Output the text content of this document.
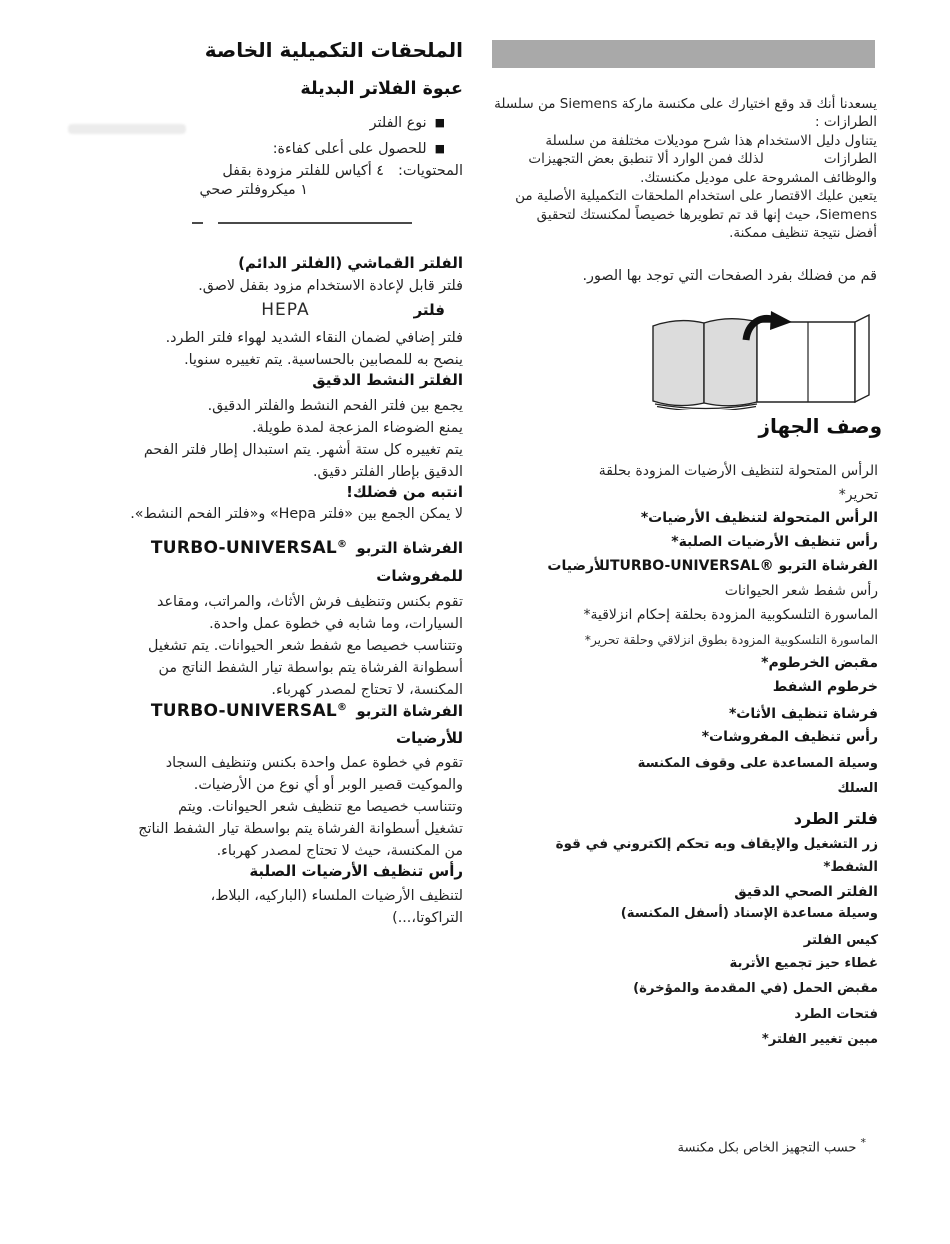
الملحقات التكميلية الخاصة
عبوة الفلاتر البديلة
■
نوع الفلتر
■
للحصول على أعلى كفاءة:
المحتويات:
٤ أكياس للفلتر مزودة بقفل
١ ميكروفلتر صحي
الفلتر القماشي (الفلتر الدائم)
فلتر قابل لإعادة الاستخدام مزود بقفل لاصق.
فلتر
HEPA
فلتر إضافي لضمان النقاء الشديد لهواء فلتر الطرد.
ينصح به للمصابين بالحساسية. يتم تغييره سنويا.
الفلتر النشط الدقيق
يجمع بين فلتر الفحم النشط والفلتر الدقيق.
يمنع الضوضاء المزعجة لمدة طويلة.
يتم تغييره كل ستة أشهر. يتم استبدال إطار فلتر الفحم
الدقيق بإطار الفلتر دقيق.
انتبه من فضلك!
لا يمكن الجمع بين «فلتر Hepa» و«فلتر الفحم النشط».
الفرشاة التربو
TURBO-UNIVERSAL®
للمفروشات
تقوم بكنس وتنظيف فرش الأثاث، والمراتب، ومقاعد
السيارات، وما شابه في خطوة عمل واحدة.
وتتناسب خصيصا مع شفط شعر الحيوانات. يتم تشغيل
أسطوانة الفرشاة يتم بواسطة تيار الشفط الناتج من
المكنسة، لا تحتاج لمصدر كهرباء.
الفرشاة التربو
TURBO-UNIVERSAL®
للأرضيات
تقوم في خطوة عمل واحدة بكنس وتنظيف السجاد
والموكيت قصير الوبر أو أي نوع من الأرضيات.
وتتناسب خصيصا مع تنظيف شعر الحيوانات. ويتم
تشغيل أسطوانة الفرشاة يتم بواسطة تيار الشفط الناتج
من المكنسة، حيث لا تحتاج لمصدر كهرباء.
رأس تنظيف الأرضيات الصلبة
لتنظيف الأرضيات الملساء (الباركيه، البلاط،
التراكوتا،...)
يسعدنا أنك قد وقع اختيارك على مكنسة ماركة Siemens من سلسلة
الطرازات :
يتناول دليل الاستخدام هذا شرح موديلات مختلفة من سلسلة
الطرازات              لذلك فمن الوارد ألا تنطبق بعض التجهيزات
والوظائف المشروحة على موديل مكنستك.
يتعين عليك الاقتصار على استخدام الملحقات التكميلية الأصلية من
Siemens، حيث إنها قد تم تطويرها خصيصاً لمكنستك لتحقيق
أفضل نتيجة تنظيف ممكنة.
قم من فضلك بفرد الصفحات التي توجد بها الصور.
وصف الجهاز
الرأس المتحولة لتنظيف الأرضيات المزودة بحلقة
تحرير*
الرأس المتحولة لتنظيف الأرضيات*
رأس تنظيف الأرضيات الصلبة*
الفرشاة التربو ®TURBO-UNIVERSALللأرضيات
رأس شفط شعر الحيوانات
الماسورة التلسكوبية المزودة بحلقة إحكام انزلاقية*
الماسورة التلسكوبية المزودة بطوق انزلاقي وحلقة تحرير*
مقبض الخرطوم*
خرطوم الشفط
فرشاة تنظيف الأثاث*
رأس تنظيف المفروشات*
وسيلة المساعدة على وقوف المكنسة
السلك
فلتر الطرد
زر التشغيل والإيقاف وبه تحكم إلكتروني في قوة
الشفط*
الفلتر الصحي الدقيق
وسيلة مساعدة الإسناد (أسفل المكنسة)
كيس الفلتر
غطاء حيز تجميع الأتربة
مقبض الحمل (في المقدمة والمؤخرة)
فتحات الطرد
مبين تغيير الفلتر*
* حسب التجهيز الخاص بكل مكنسة
